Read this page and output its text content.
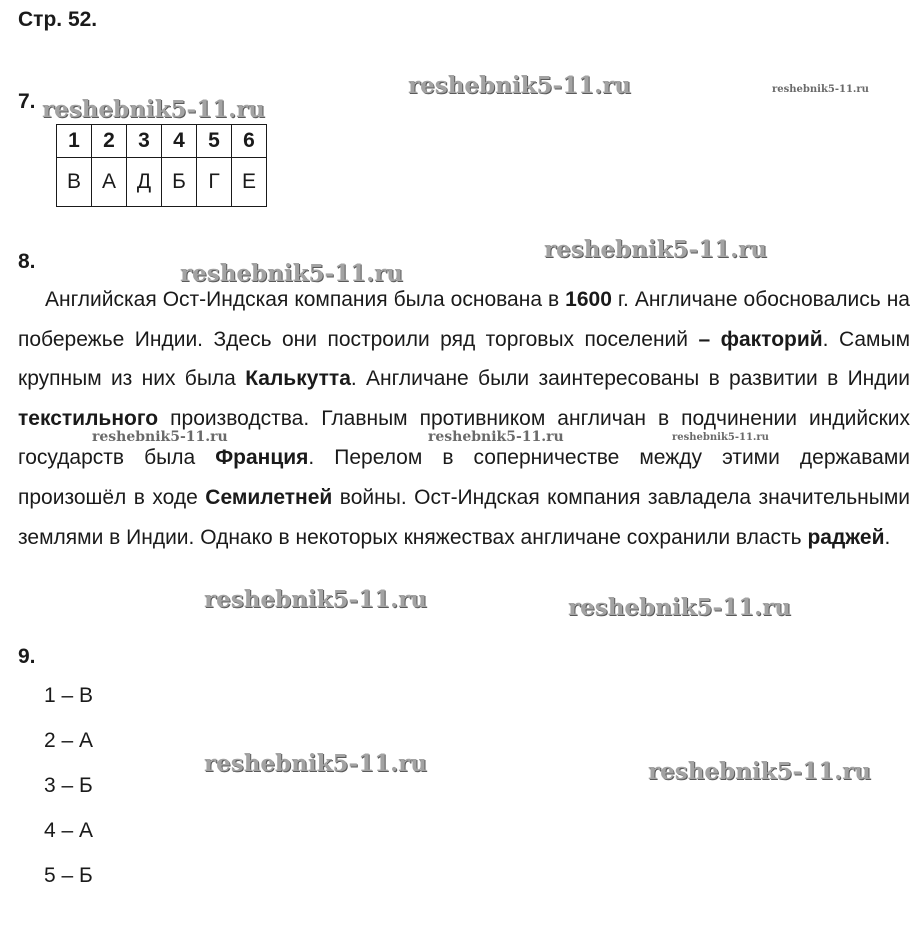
Стр. 52.
7.
1	2	3	4	5	6
В	А	Д	Б	Г	Е
8.

Английская Ост-Индская компания была основана в 1600 г. Англичане обосновались на побережье Индии. Здесь они построили ряд торговых поселений – факторий. Самым крупным из них была Калькутта. Англичане были заинтересованы в развитии в Индии текстильного производства. Главным противником англичан в подчинении индийских государств была Франция. Перелом в соперничестве между этими державами произошёл в ходе Семилетней войны. Ост-Индская компания завладела значительными землями в Индии. Однако в некоторых княжествах англичане сохранили власть раджей.

9.
1 – В
2 – А
3 – Б
4 – А
5 – Б
reshebnik5-11.ru	reshebnik5-11.ru
reshebnik5-11.ru
reshebnik5-11.ru
reshebnik5-11.ru
reshebnik5-11.ru	reshebnik5-11.ru	reshebnik5-11.ru
reshebnik5-11.ru	reshebnik5-11.ru
reshebnik5-11.ru	reshebnik5-11.ru
